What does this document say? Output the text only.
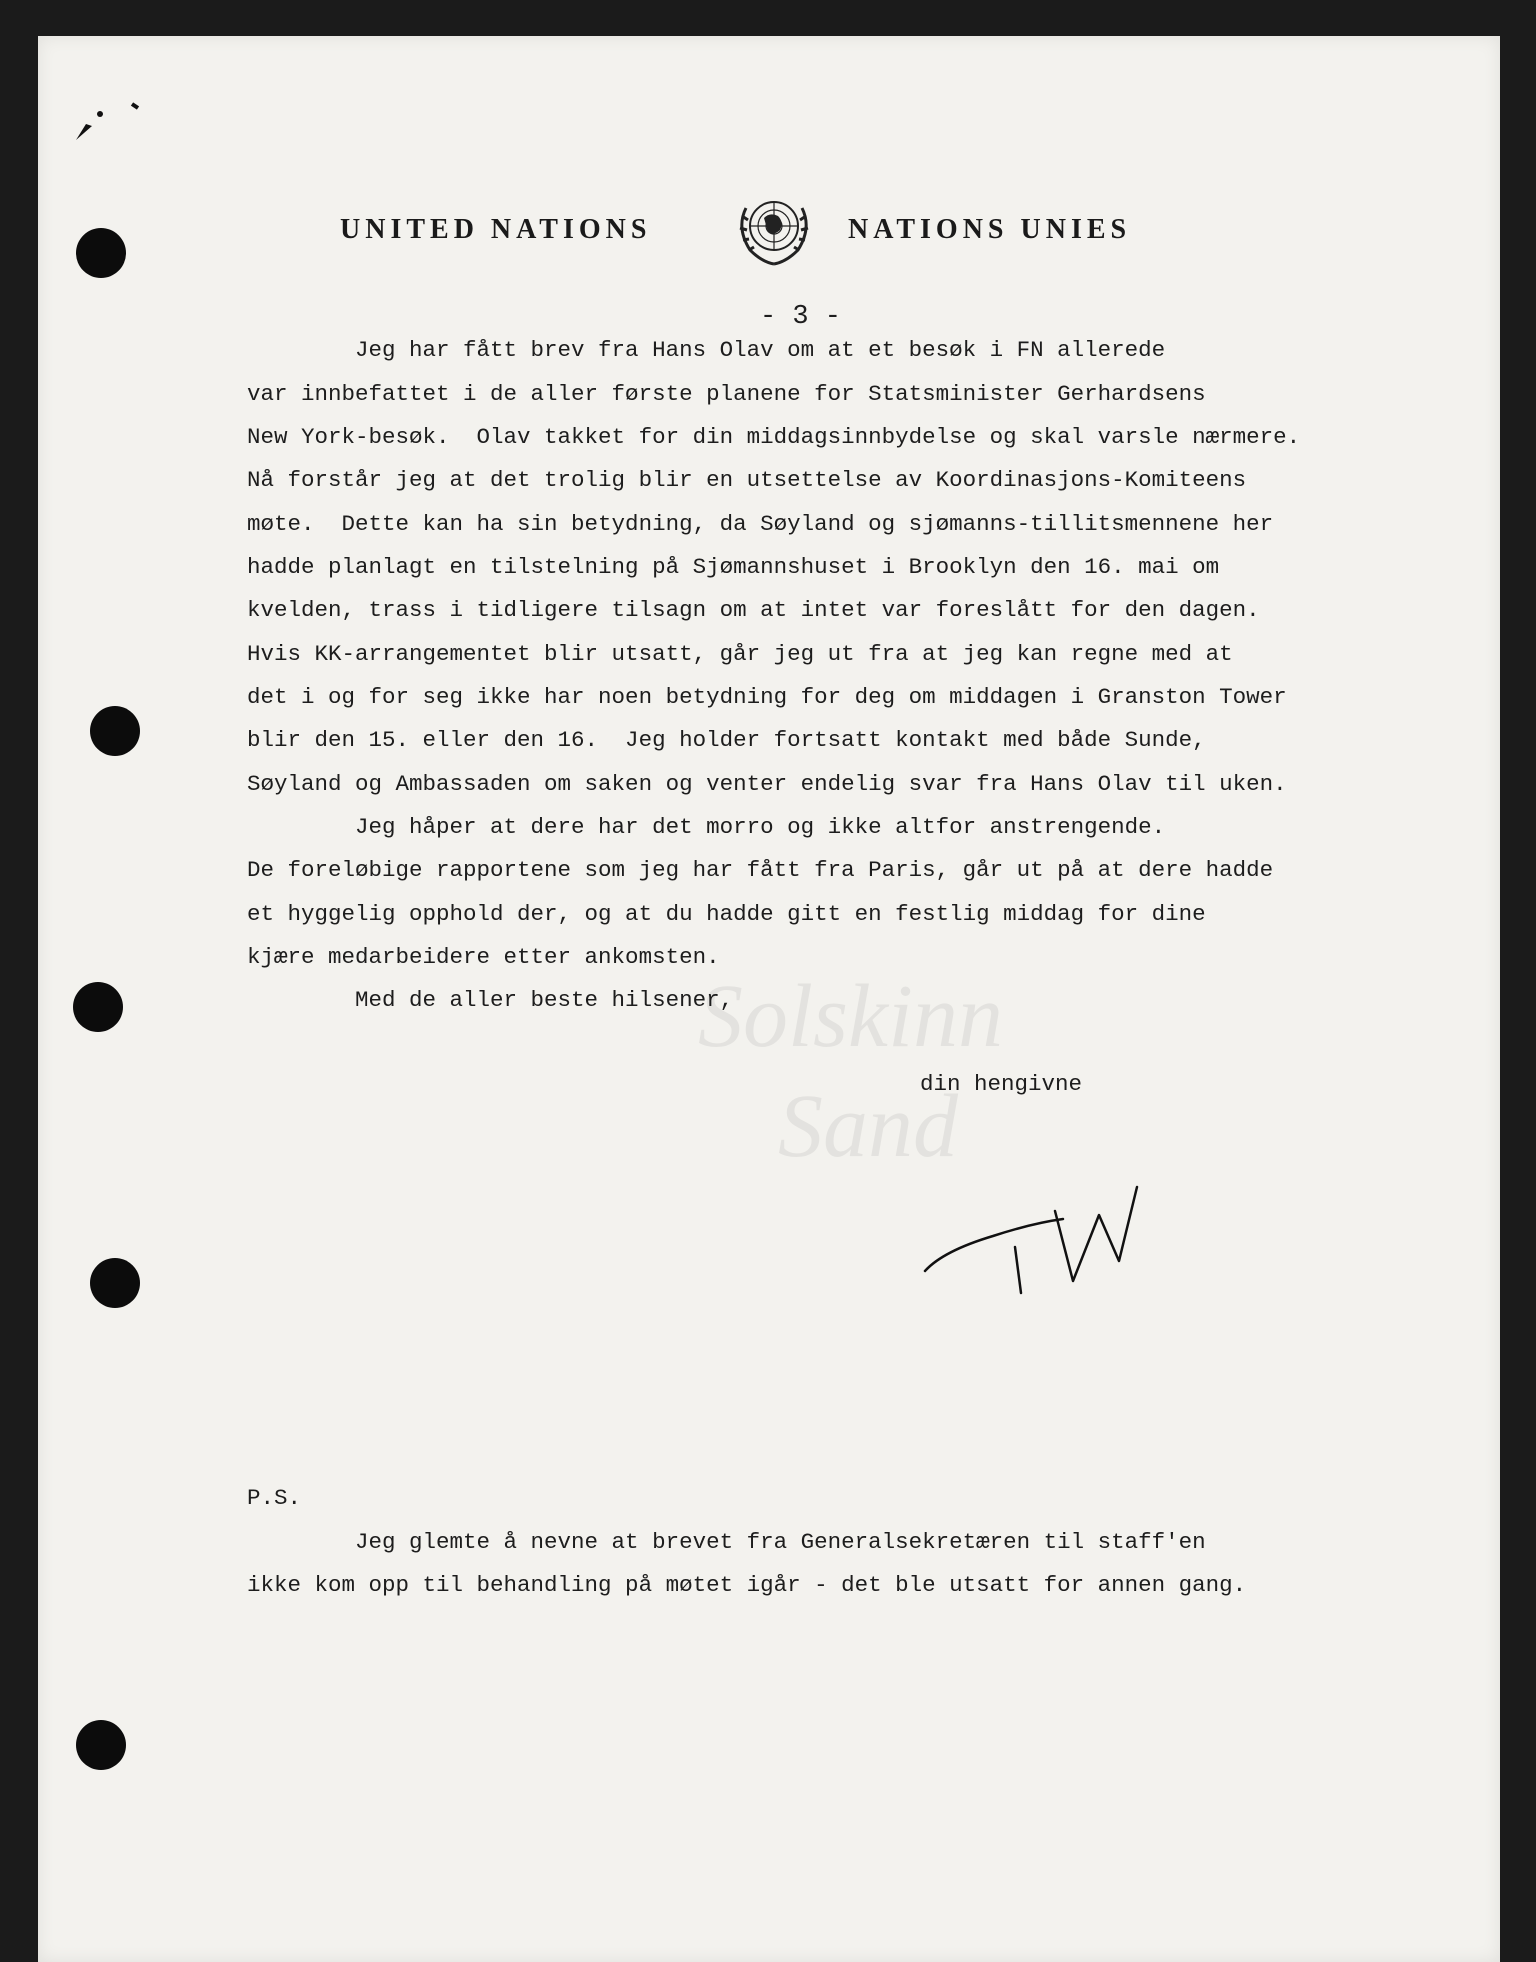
UNITED NATIONS	NATIONS UNIES
- 3 -
Solskinn
Sand
Jeg har fått brev fra Hans Olav om at et besøk i FN allerede
var innbefattet i de aller første planene for Statsminister Gerhardsens
New York-besøk.  Olav takket for din middagsinnbydelse og skal varsle nærmere.
Nå forstår jeg at det trolig blir en utsettelse av Koordinasjons-Komiteens
møte.  Dette kan ha sin betydning, da Søyland og sjømanns-tillitsmennene her
hadde planlagt en tilstelning på Sjømannshuset i Brooklyn den 16. mai om
kvelden, trass i tidligere tilsagn om at intet var foreslått for den dagen.
Hvis KK-arrangementet blir utsatt, går jeg ut fra at jeg kan regne med at
det i og for seg ikke har noen betydning for deg om middagen i Granston Tower
blir den 15. eller den 16.  Jeg holder fortsatt kontakt med både Sunde,
Søyland og Ambassaden om saken og venter endelig svar fra Hans Olav til uken.
Jeg håper at dere har det morro og ikke altfor anstrengende.
De foreløbige rapportene som jeg har fått fra Paris, går ut på at dere hadde
et hyggelig opphold der, og at du hadde gitt en festlig middag for dine
kjære medarbeidere etter ankomsten.
Med de aller beste hilsener,
din hengivne
P.S.
Jeg glemte å nevne at brevet fra Generalsekretæren til staff'en
ikke kom opp til behandling på møtet igår - det ble utsatt for annen gang.
